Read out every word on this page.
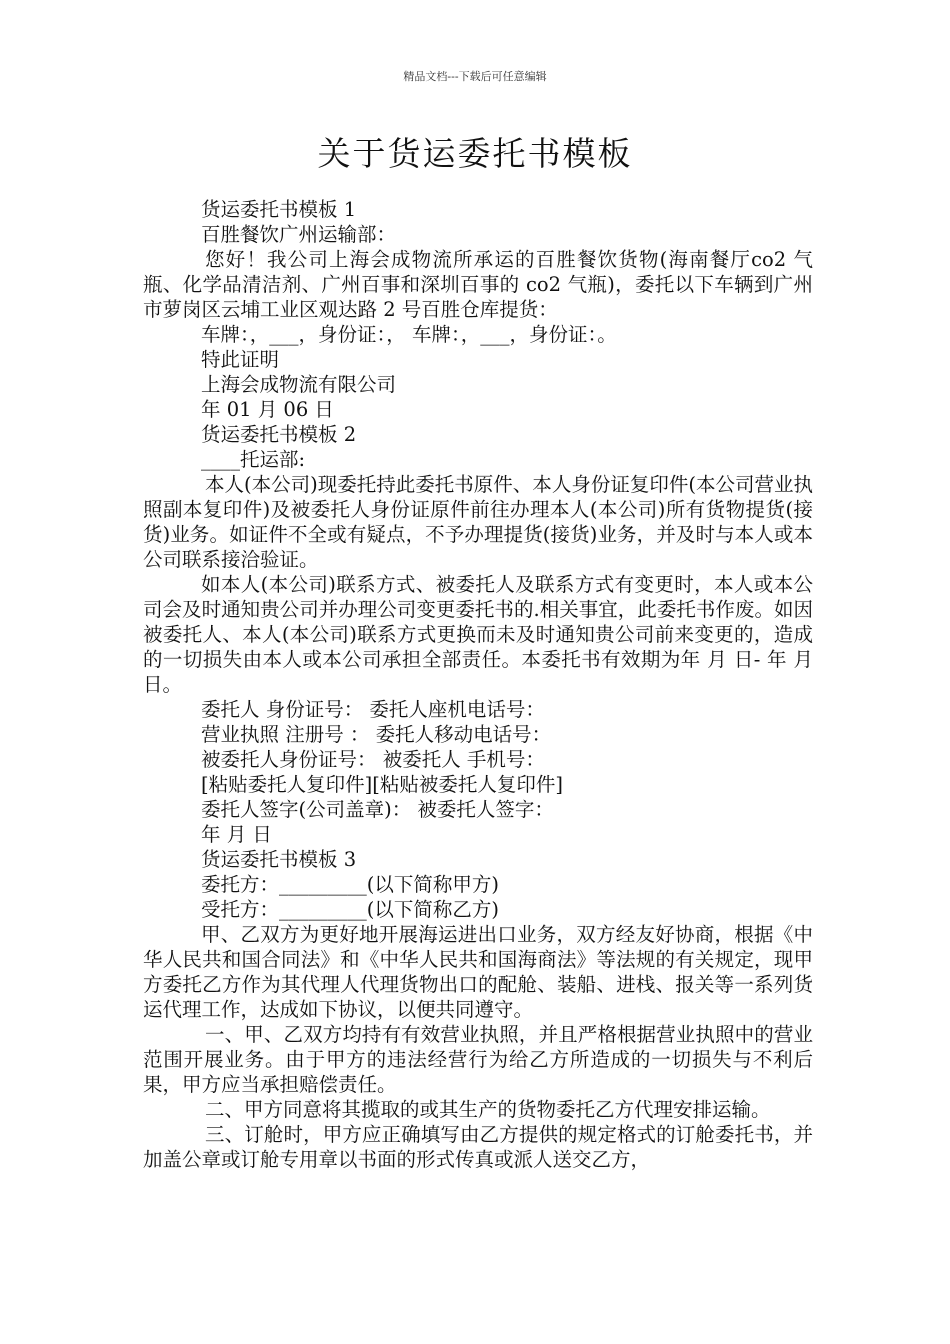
精品文档---下载后可任意编辑
关于货运委托书模板

货运委托书模板 1

百胜餐饮广州运输部：

您好！我公司上海会成物流所承运的百胜餐饮货物(海南餐厅co2 气瓶、化学品清洁剂、广州百事和深圳百事的 co2 气瓶)，委托以下车辆到广州市萝岗区云埔工业区观达路 2 号百胜仓库提货：

车牌：，___，身份证：， 车牌：，___，身份证：。

特此证明

上海会成物流有限公司

年 01 月 06 日

货运委托书模板 2

____托运部:

本人(本公司)现委托持此委托书原件、本人身份证复印件(本公司营业执照副本复印件)及被委托人身份证原件前往办理本人(本公司)所有货物提货(接货)业务。如证件不全或有疑点，不予办理提货(接货)业务，并及时与本人或本公司联系接洽验证。

如本人(本公司)联系方式、被委托人及联系方式有变更时，本人或本公司会及时通知贵公司并办理公司变更委托书的.相关事宜，此委托书作废。如因被委托人、本人(本公司)联系方式更换而未及时通知贵公司前来变更的，造成的一切损失由本人或本公司承担全部责任。本委托书有效期为年 月 日- 年 月 日。

委托人 身份证号： 委托人座机电话号：

营业执照 注册号 ： 委托人移动电话号：

被委托人身份证号： 被委托人 手机号：

[粘贴委托人复印件][粘贴被委托人复印件]

委托人签字(公司盖章)： 被委托人签字：

年 月 日

货运委托书模板 3

委托方：_________(以下简称甲方)

受托方：_________(以下简称乙方)

甲、乙双方为更好地开展海运进出口业务，双方经友好协商，根据《中华人民共和国合同法》和《中华人民共和国海商法》等法规的有关规定，现甲方委托乙方作为其代理人代理货物出口的配舱、装船、进栈、报关等一系列货运代理工作，达成如下协议，以便共同遵守。

一、甲、乙双方均持有有效营业执照，并且严格根据营业执照中的营业范围开展业务。由于甲方的违法经营行为给乙方所造成的一切损失与不利后果，甲方应当承担赔偿责任。

二、甲方同意将其揽取的或其生产的货物委托乙方代理安排运输。

三、订舱时，甲方应正确填写由乙方提供的规定格式的订舱委托书，并加盖公章或订舱专用章以书面的形式传真或派人送交乙方，
